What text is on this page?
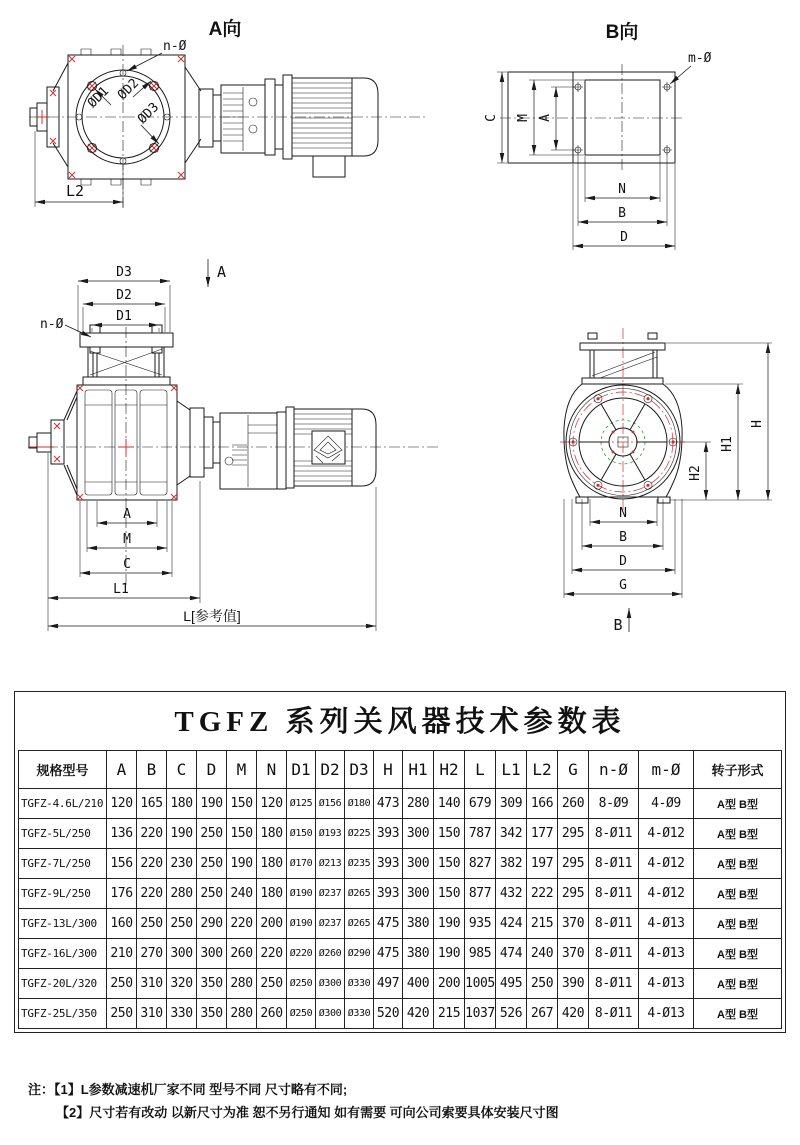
A向
ØD1 ØD2
ØD3
n-Ø
L2
B向
m-Ø
C M A
N
B
D
D3
D2
D1
n-Ø
A
A
M
C
L1
L[参考值]
H2
H1
H
N
B
D
G
B
TGFZ 系列关风器技术参数表
规格型号	A	B	C	D	M	N	D1	D2	D3	H	H1	H2	L	L1	L2	G	n-Ø	m-Ø	转子形式
TGFZ-4.6L/210	120	165	180	190	150	120	Ø125	Ø156	Ø180	473	280	140	679	309	166	260	8-Ø9	4-Ø9	A型 B型
TGFZ-5L/250	136	220	190	250	150	180	Ø150	Ø193	Ø225	393	300	150	787	342	177	295	8-Ø11	4-Ø12	A型 B型
TGFZ-7L/250	156	220	230	250	190	180	Ø170	Ø213	Ø235	393	300	150	827	382	197	295	8-Ø11	4-Ø12	A型 B型
TGFZ-9L/250	176	220	280	250	240	180	Ø190	Ø237	Ø265	393	300	150	877	432	222	295	8-Ø11	4-Ø12	A型 B型
TGFZ-13L/300	160	250	250	290	220	200	Ø190	Ø237	Ø265	475	380	190	935	424	215	370	8-Ø11	4-Ø13	A型 B型
TGFZ-16L/300	210	270	300	300	260	220	Ø220	Ø260	Ø290	475	380	190	985	474	240	370	8-Ø11	4-Ø13	A型 B型
TGFZ-20L/320	250	310	320	350	280	250	Ø250	Ø300	Ø330	497	400	200	1005	495	250	390	8-Ø11	4-Ø13	A型 B型
TGFZ-25L/350	250	310	330	350	280	260	Ø250	Ø300	Ø330	520	420	215	1037	526	267	420	8-Ø11	4-Ø13	A型 B型
注：【1】L参数减速机厂家不同 型号不同 尺寸略有不同;
【2】尺寸若有改动 以新尺寸为准 恕不另行通知 如有需要 可向公司索要具体安装尺寸图
